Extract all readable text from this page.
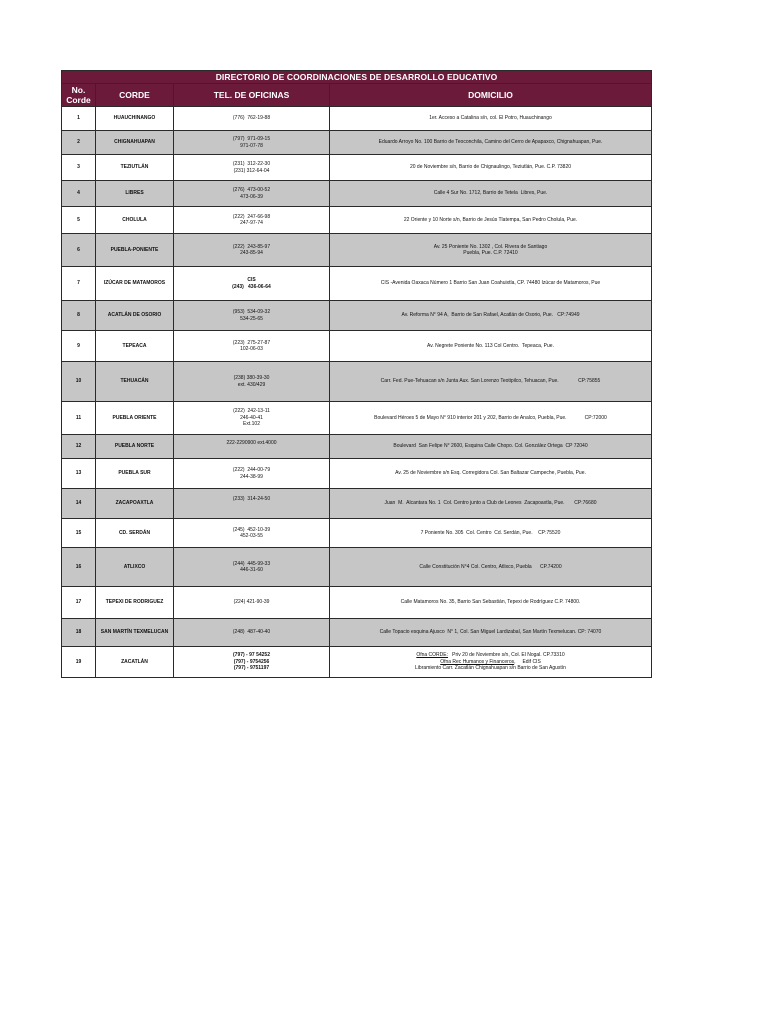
DIRECTORIO DE COORDINACIONES DE DESARROLLO EDUCATIVO			

No.
Corde	CORDE	TEL. DE OFICINAS	DOMICILIO
1	HUAUCHINANGO	(776)  762-19-88	1er. Acceso a Catalina s/n, col. El Potro, Huauchinango

2	CHIGNAHUAPAN	(797)  971-09-15
971-07-78	Eduardo Arroyo No. 100 Barrio de Teoconchila, Camino del Cerro de Apapaxco, Chignahuapan, Pue.

3	TEZIUTLÁN	(231)  312-22-30
(231) 312-64-04	20 de Noviembre s/n, Barrio de Chignaulingo, Teziutlán, Pue. C.P. 73820

4	LIBRES	(276)  473-00-52
473-06-39	Calle 4 Sur No. 1712, Barrio de Tetela  Libres, Pue.

5	CHOLULA	(222)  247-66-98
247-97-74	22 Oriente y 10 Norte s/n, Barrio de Jesús Tlatempa, San Pedro Cholula, Pue.

6	PUEBLA-PONIENTE	(222)  243-85-97
243-85-94	Av. 25 Poniente No. 1302 , Col. Rivera de Santiago
Puebla, Pue. C.P. 72410

7	IZÚCAR DE MATAMOROS	CIS
(243)   436-06-64	CIS -Avenida Oaxaca Número 1 Barrio San Juan Coahuixtla, CP. 74480 Izúcar de Matamoros, Pue

8	ACATLÁN DE OSORIO	(953)  534-09-32
534-25-65	Av. Reforma N° 94 A,  Barrio de San Rafael, Acatlán de Osorio, Pue.   CP:74949

9	TEPEACA	(223)  275-27-87
102-06-03	Av. Negrete Poniente No. 113 Col Centro.  Tepeaca, Pue.

10	TEHUACÁN	(238) 380-39-30
ext. 430/429	Carr. Fed. Pue-Tehuacan s/n Junta Aux. San Lorenzo Teotipilco, Tehuacan, Pue.              CP:75855

11	PUEBLA ORIENTE	(222)  242-13-11
246-40-41
Ext.102	Boulevard Héroes 5 de Mayo N° 910 interior 201 y 202, Barrio de Analco, Puebla, Pue.             CP:72000

12	PUEBLA NORTE	222-2290900 ext.4000	Boulevard  San Felipe N° 2600, Esquina Calle Chopo. Col. González Ortega  CP 72040

13	PUEBLA SUR	(222)  244-00-79
244-38-99	Av. 25 de Noviembre s/n Esq. Corregidora Col. San Baltazar Campeche, Puebla, Pue.

14	ZACAPOAXTLA	(233)  314-24-50	Juan  M.  Alcantara No. 1  Col. Centro junto a Club de Leones  Zacapoaxtla, Pue.       CP:76680

15	CD. SERDÁN	(245)  452-10-39
452-03-55	7 Poniente No. 305  Col. Centro  Cd. Serdán, Pue.    CP:75520

16	ATLIXCO	(244)  445-99-33
446-31-60	Calle Constitución N°4 Col. Centro, Atlixco, Puebla      CP.74200

17	TEPEXI DE RODRIGUEZ	(224) 421-90-39	Calle Matamoros No. 35, Barrio San Sebastián, Tepexi de Rodríguez C.P. 74800.

18	SAN MARTÍN TEXMELUCAN	(248)  487-40-40	Calle Topacio esquina Ajusco  N° 1, Col. San Miguel Lardizabal, San Martín Texmelucan. CP: 74070

19	ZACATLÁN	(797) - 97 54252
(797) - 9754256
(797) - 9751197	Ofna CORDE:   Priv 20 de Noviembre s/n, Col. El Nogal. CP.73310
Ofna Rec Humanos y Financeros,     Edif CIS
Libramiento Carr. Zacatlán Chignahuapan s/n Barrio de San Agustín
